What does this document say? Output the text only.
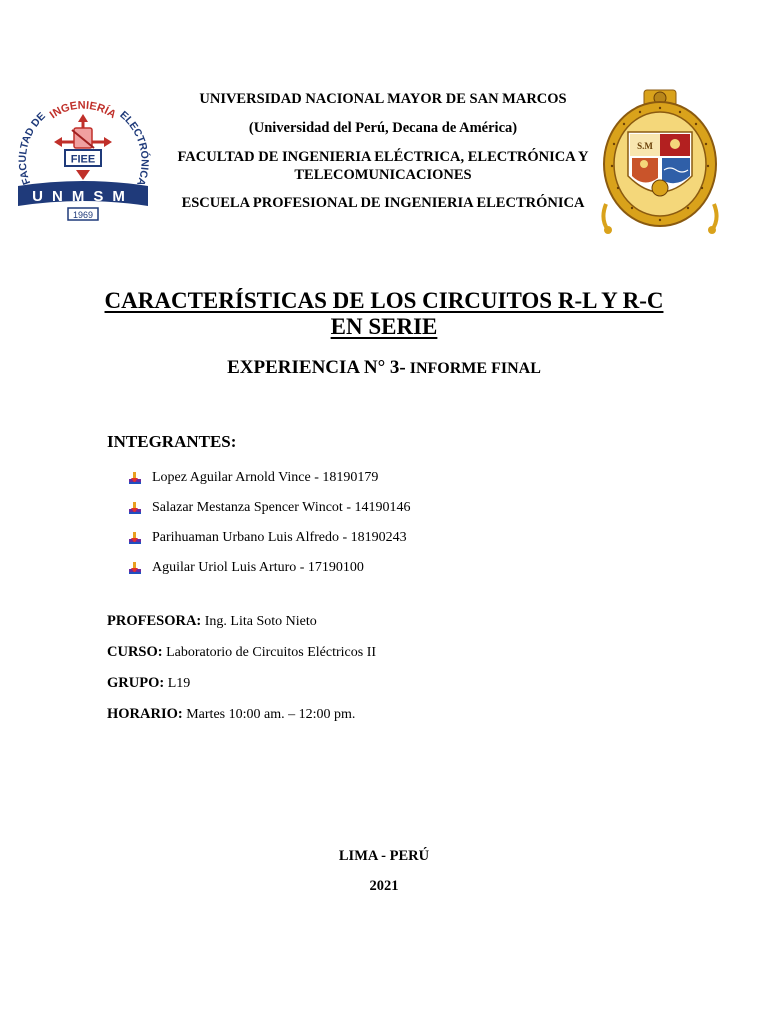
INGENIERÍA
FACULTAD DE	ELECTRÓNICA
FIEE
UNMSM
1969
UNIVERSIDAD NACIONAL MAYOR DE SAN MARCOS
(Universidad del Perú, Decana de América)
FACULTAD DE INGENIERIA ELÉCTRICA, ELECTRÓNICA Y TELECOMUNICACIONES
ESCUELA PROFESIONAL DE INGENIERIA ELECTRÓNICA
S.M
CARACTERÍSTICAS DE LOS CIRCUITOS R-L Y R-C
EN SERIE
EXPERIENCIA N° 3- INFORME FINAL
INTEGRANTES:
Lopez Aguilar Arnold Vince - 18190179
Salazar Mestanza Spencer Wincot - 14190146
Parihuaman Urbano Luis Alfredo - 18190243
Aguilar Uriol Luis Arturo - 17190100
PROFESORA: Ing. Lita Soto Nieto
CURSO: Laboratorio de Circuitos Eléctricos II
GRUPO: L19
HORARIO: Martes 10:00 am. – 12:00 pm.
LIMA - PERÚ
2021
